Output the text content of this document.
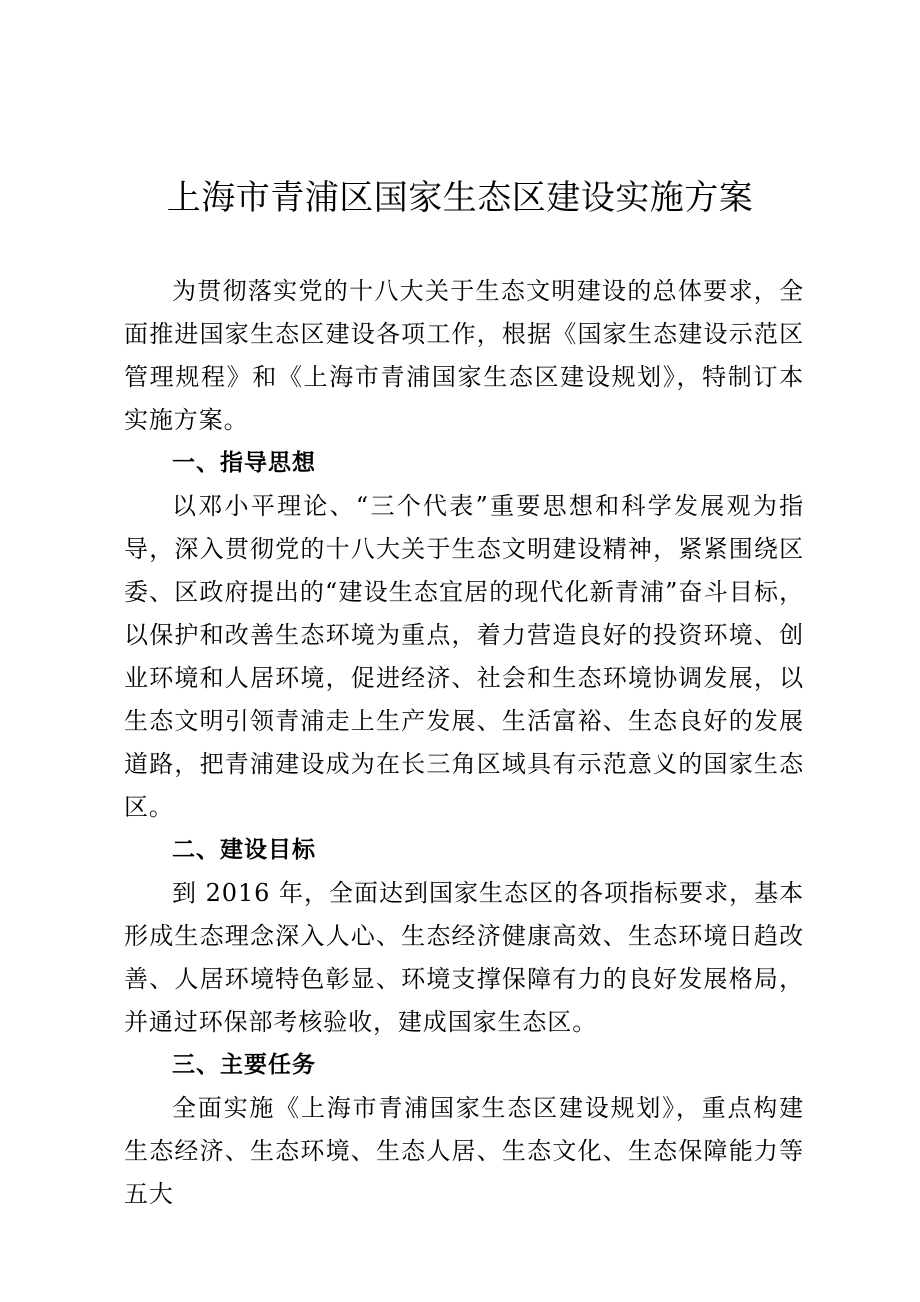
上海市青浦区国家生态区建设实施方案

为贯彻落实党的十八大关于生态文明建设的总体要求，全面推进国家生态区建设各项工作，根据《国家生态建设示范区管理规程》和《上海市青浦国家生态区建设规划》，特制订本实施方案。

一、指导思想

以邓小平理论、“三个代表”重要思想和科学发展观为指导，深入贯彻党的十八大关于生态文明建设精神，紧紧围绕区委、区政府提出的“建设生态宜居的现代化新青浦”奋斗目标，以保护和改善生态环境为重点，着力营造良好的投资环境、创业环境和人居环境，促进经济、社会和生态环境协调发展，以生态文明引领青浦走上生产发展、生活富裕、生态良好的发展道路，把青浦建设成为在长三角区域具有示范意义的国家生态区。

二、建设目标

到 2016 年，全面达到国家生态区的各项指标要求，基本形成生态理念深入人心、生态经济健康高效、生态环境日趋改善、人居环境特色彰显、环境支撑保障有力的良好发展格局，并通过环保部考核验收，建成国家生态区。

三、主要任务

全面实施《上海市青浦国家生态区建设规划》，重点构建生态经济、生态环境、生态人居、生态文化、生态保障能力等五大
